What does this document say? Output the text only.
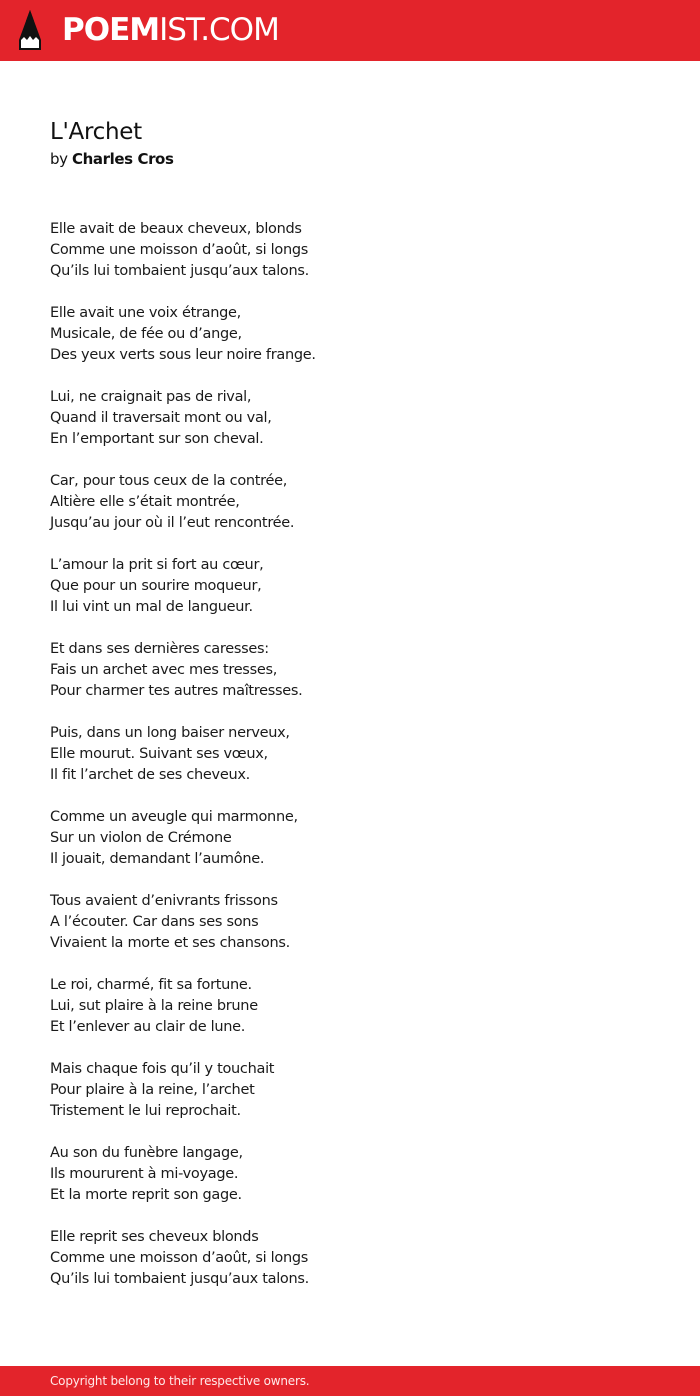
POEMIST.COM
L'Archet
by Charles Cros
Elle avait de beaux cheveux, blonds
Comme une moisson d’août, si longs
Qu’ils lui tombaient jusqu’aux talons.
Elle avait une voix étrange,
Musicale, de fée ou d’ange,
Des yeux verts sous leur noire frange.
Lui, ne craignait pas de rival,
Quand il traversait mont ou val,
En l’emportant sur son cheval.
Car, pour tous ceux de la contrée,
Altière elle s’était montrée,
Jusqu’au jour où il l’eut rencontrée.
L’amour la prit si fort au cœur,
Que pour un sourire moqueur,
Il lui vint un mal de langueur.
Et dans ses dernières caresses:
Fais un archet avec mes tresses,
Pour charmer tes autres maîtresses.
Puis, dans un long baiser nerveux,
Elle mourut. Suivant ses vœux,
Il fit l’archet de ses cheveux.
Comme un aveugle qui marmonne,
Sur un violon de Crémone
Il jouait, demandant l’aumône.
Tous avaient d’enivrants frissons
A l’écouter. Car dans ses sons
Vivaient la morte et ses chansons.
Le roi, charmé, fit sa fortune.
Lui, sut plaire à la reine brune
Et l’enlever au clair de lune.
Mais chaque fois qu’il y touchait
Pour plaire à la reine, l’archet
Tristement le lui reprochait.
Au son du funèbre langage,
Ils moururent à mi-voyage.
Et la morte reprit son gage.
Elle reprit ses cheveux blonds
Comme une moisson d’août, si longs
Qu’ils lui tombaient jusqu’aux talons.
Copyright belong to their respective owners.
